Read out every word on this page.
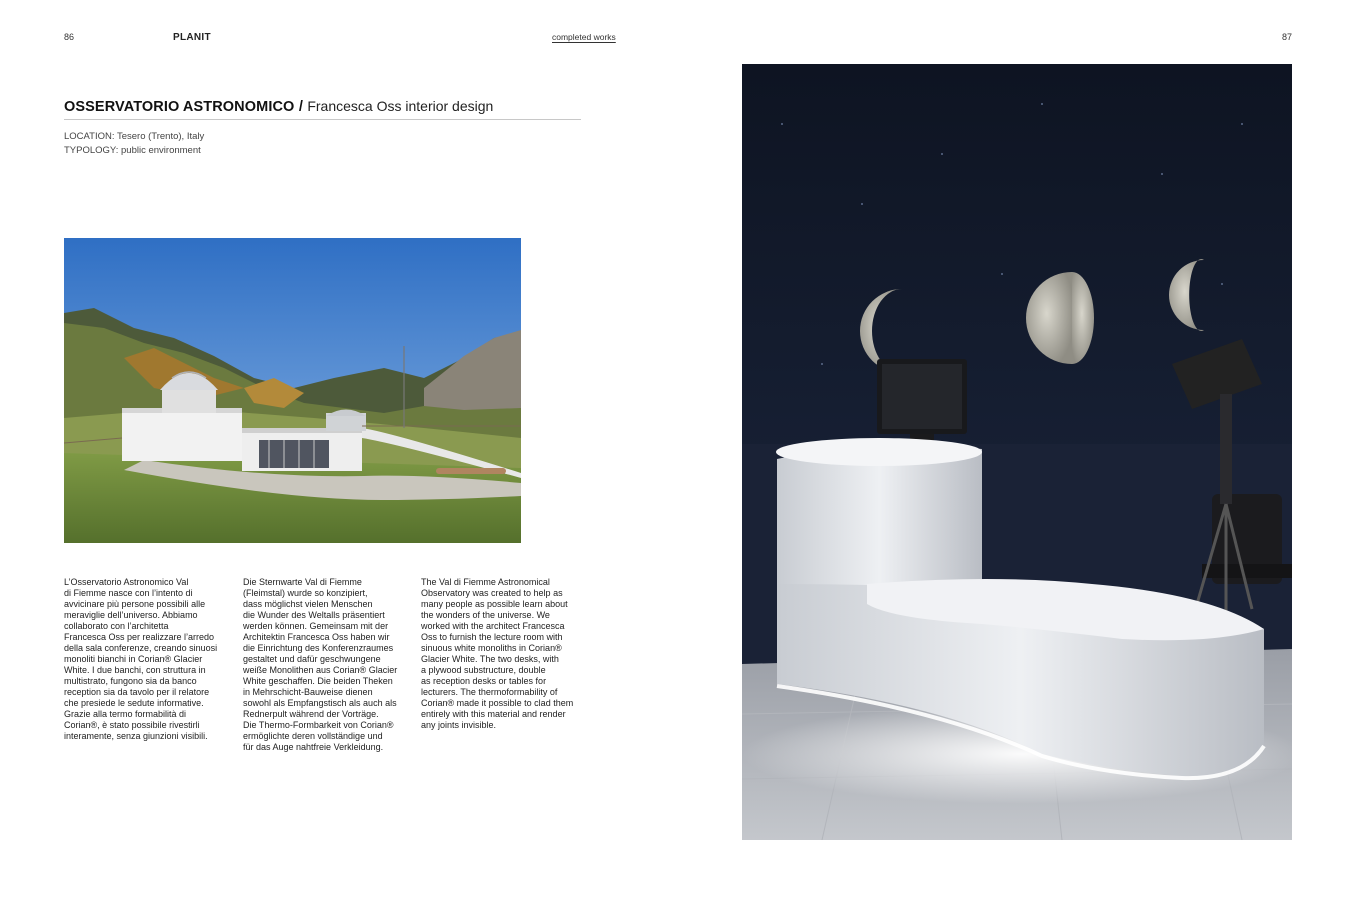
86	PLANIT	completed works	87
OSSERVATORIO ASTRONOMICO / Francesca Oss interior design
LOCATION: Tesero (Trento), Italy
TYPOLOGY: public environment
L’Osservatorio Astronomico Val
di Fiemme nasce con l’intento di
avvicinare più persone possibili alle
meraviglie dell’universo. Abbiamo
collaborato con l’architetta
Francesca Oss per realizzare l’arredo
della sala conferenze, creando sinuosi
monoliti bianchi in Corian® Glacier
White. I due banchi, con struttura in
multistrato, fungono sia da banco
reception sia da tavolo per il relatore
che presiede le sedute informative.
Grazie alla termo formabilità di
Corian®, è stato possibile rivestirli
interamente, senza giunzioni visibili.
Die Sternwarte Val di Fiemme
(Fleimstal) wurde so konzipiert,
dass möglichst vielen Menschen
die Wunder des Weltalls präsentiert
werden können. Gemeinsam mit der
Architektin Francesca Oss haben wir
die Einrichtung des Konferenzraumes
gestaltet und dafür geschwungene
weiße Monolithen aus Corian® Glacier
White geschaffen. Die beiden Theken
in Mehrschicht-Bauweise dienen
sowohl als Empfangstisch als auch als
Rednerpult während der Vorträge.
Die Thermo-Formbarkeit von Corian®
ermöglichte deren vollständige und
für das Auge nahtfreie Verkleidung.
The Val di Fiemme Astronomical
Observatory was created to help as
many people as possible learn about
the wonders of the universe. We
worked with the architect Francesca
Oss to furnish the lecture room with
sinuous white monoliths in Corian®
Glacier White. The two desks, with
a plywood substructure, double
as reception desks or tables for
lecturers. The thermoformability of
Corian® made it possible to clad them
entirely with this material and render
any joints invisible.
